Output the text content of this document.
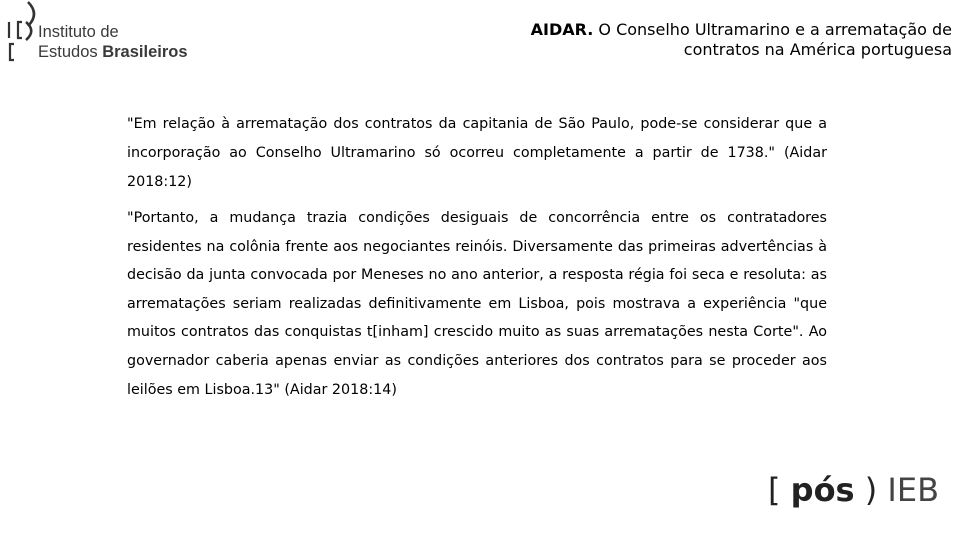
Instituto de
Estudos Brasileiros
AIDAR. O Conselho Ultramarino e a arrematação de
contratos na América portuguesa

"Em relação à arrematação dos contratos da capitania de São Paulo, pode-se considerar que a incorporação ao Conselho Ultramarino só ocorreu completamente a partir de 1738." (Aidar 2018:12)

"Portanto, a mudança trazia condições desiguais de concorrência entre os contratadores residentes na colônia frente aos negociantes reinóis. Diversamente das primeiras advertências à decisão da junta convocada por Meneses no ano anterior, a resposta régia foi seca e resoluta: as arrematações seriam realizadas definitivamente em Lisboa, pois mostrava a experiência "que muitos contratos das conquistas t[inham] crescido muito as suas arrematações nesta Corte". Ao governador caberia apenas enviar as condições anteriores dos contratos para se proceder aos leilões em Lisboa.13" (Aidar 2018:14)

[ pós ) IEB
